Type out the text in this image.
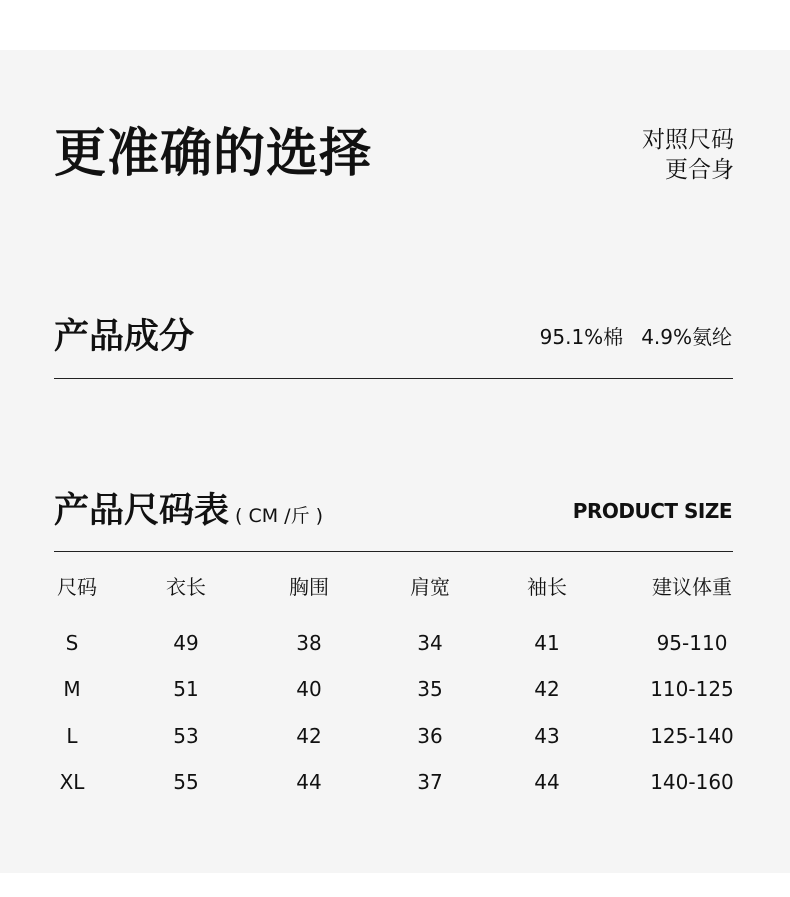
更准确的选择	对照尺码
更合身
产品成分	95.1%棉 4.9%氨纶
产品尺码表 ( CM /斤 )	PRODUCT SIZE
尺码	衣长	胸围	肩宽	袖长	建议体重
S	49	38	34	41	95-110
M	51	40	35	42	110-125
L	53	42	36	43	125-140
XL	55	44	37	44	140-160
